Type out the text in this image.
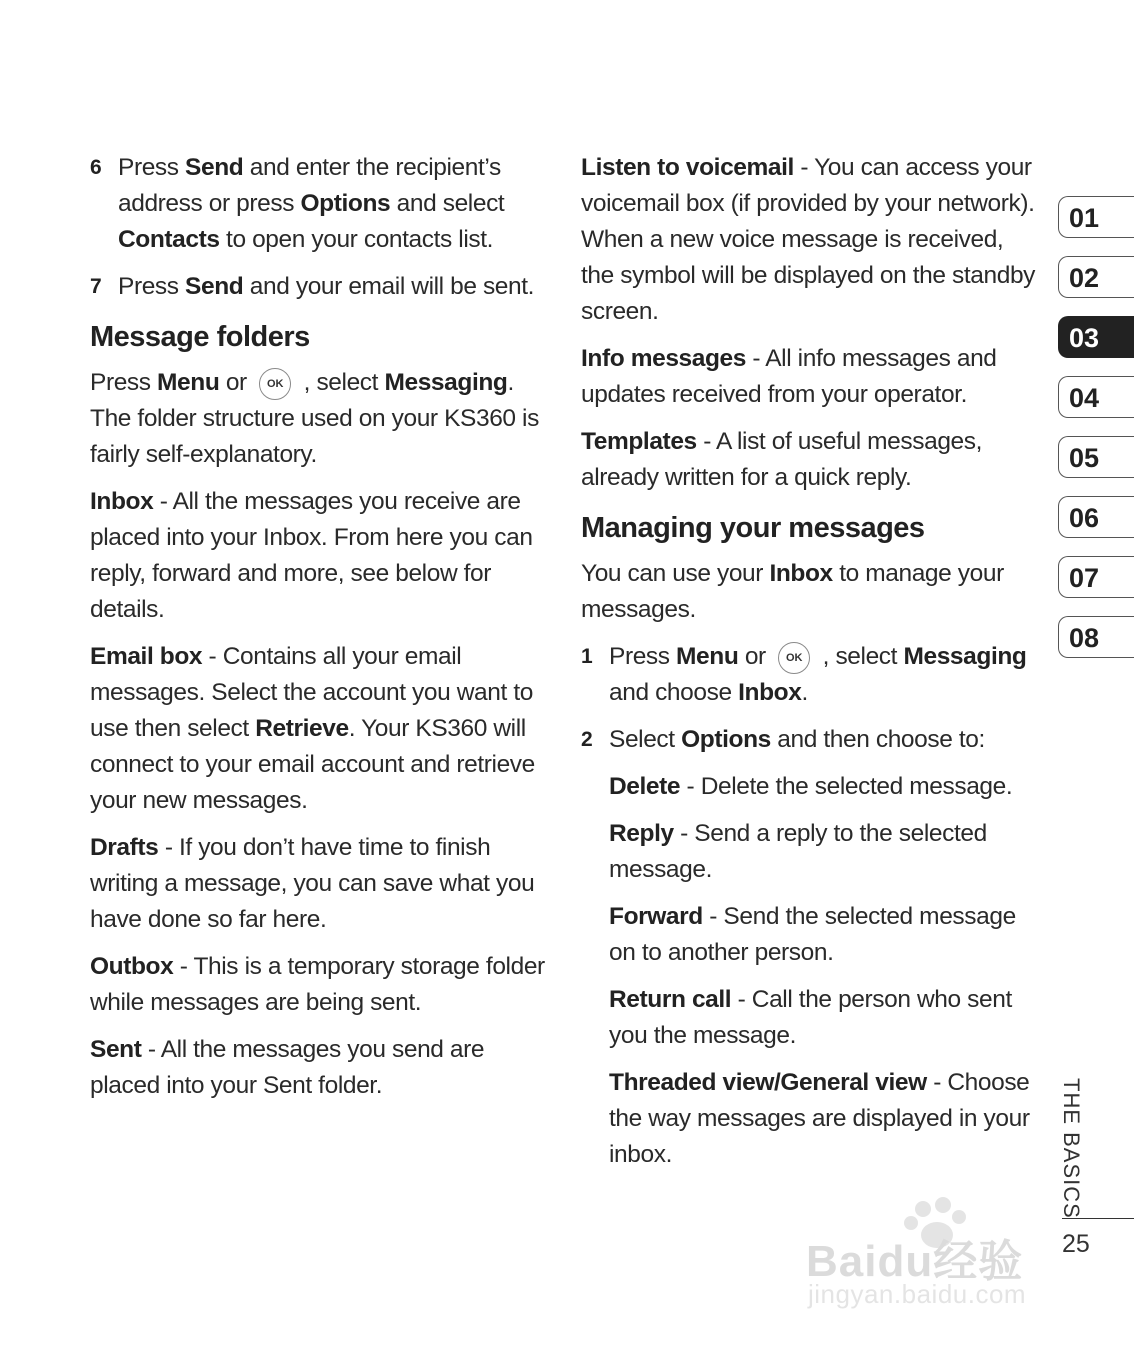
6 Press Send and enter the recipient’s address or press Options and select Contacts to open your contacts list.
7 Press Send and your email will be sent.
Message folders

Press Menu or OK , select Messaging. The folder structure used on your KS360 is fairly self-explanatory.

Inbox - All the messages you receive are placed into your Inbox. From here you can reply, forward and more, see below for details.

Email box - Contains all your email messages. Select the account you want to use then select Retrieve. Your KS360 will connect to your email account and retrieve your new messages.

Drafts - If you don’t have time to finish writing a message, you can save what you have done so far here.

Outbox - This is a temporary storage folder while messages are being sent.

Sent - All the messages you send are placed into your Sent folder.

Listen to voicemail - You can access your voicemail box (if provided by your network). When a new voice message is received, the symbol will be displayed on the standby screen.

Info messages - All info messages and updates received from your operator.

Templates - A list of useful messages, already written for a quick reply.

Managing your messages

You can use your Inbox to manage your messages.

1 Press Menu or OK , select Messaging and choose Inbox.
2 Select Options and then choose to:

Delete - Delete the selected message.

Reply - Send a reply to the selected message.

Forward - Send the selected message on to another person.

Return call - Call the person who sent you the message.

Threaded view/General view - Choose the way messages are displayed in your inbox.

01
02
03
04
05
06
07
08
THE BASICS
25
Baidu经验
jingyan.baidu.com
